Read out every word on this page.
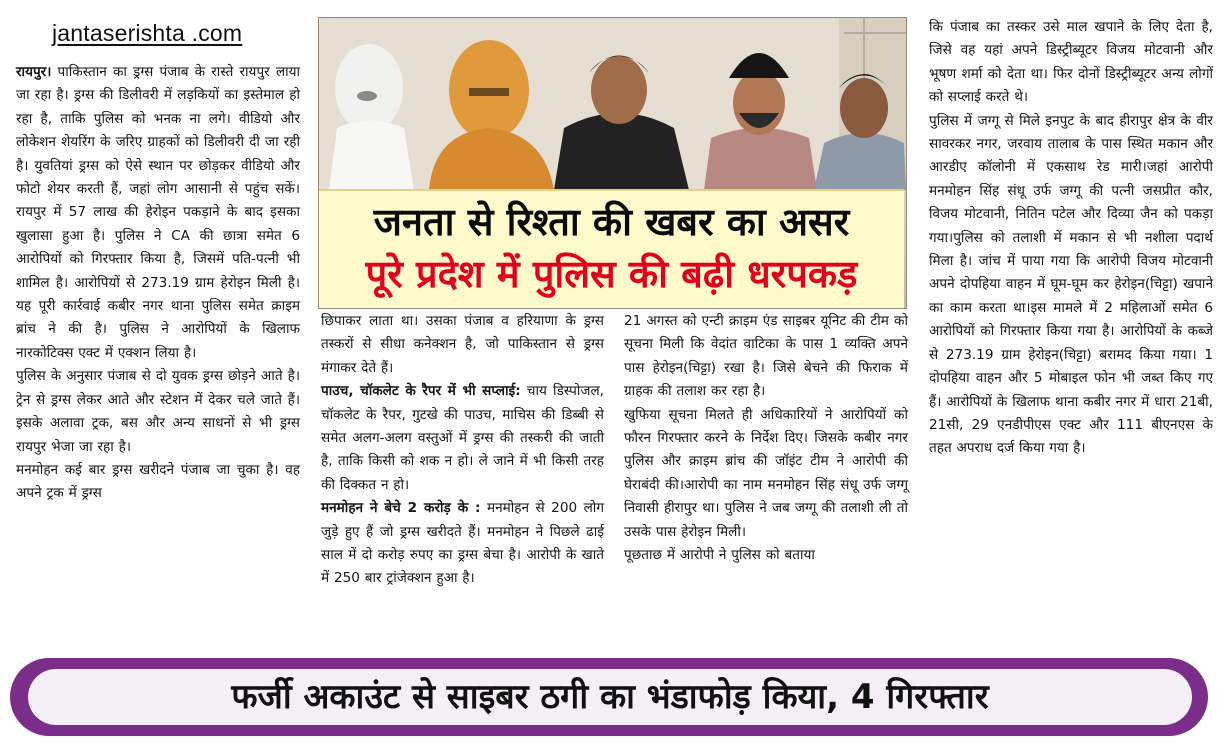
jantaserishta .com
रायपुर। पाकिस्तान का ड्रग्स पंजाब के रास्ते रायपुर लाया जा रहा है। ड्रग्स की डिलीवरी में लड़कियों का इस्तेमाल हो रहा है, ताकि पुलिस को भनक ना लगे। वीडियो और लोकेशन शेयरिंग के जरिए ग्राहकों को डिलीवरी दी जा रही है। युवतियां ड्रग्स को ऐसे स्थान पर छोड़कर वीडियो और फोटो शेयर करती हैं, जहां लोग आसानी से पहुंच सकें। रायपुर में 57 लाख की हेरोइन पकड़ाने के बाद इसका खुलासा हुआ है। पुलिस ने CA की छात्रा समेत 6 आरोपियों को गिरफ्तार किया है, जिसमें पति-पत्नी भी शामिल है। आरोपियों से 273.19 ग्राम हेरोइन मिली है। यह पूरी कार्रवाई कबीर नगर थाना पुलिस समेत क्राइम ब्रांच ने की है। पुलिस ने आरोपियों के खिलाफ नारकोटिक्स एक्ट में एक्शन लिया है।
पुलिस के अनुसार पंजाब से दो युवक ड्रग्स छोड़ने आते है। ट्रेन से ड्रग्स लेकर आते और स्टेशन में देकर चले जाते हैं। इसके अलावा ट्रक, बस और अन्य साधनों से भी ड्रग्स रायपुर भेजा जा रहा है।
मनमोहन कई बार ड्रग्स खरीदने पंजाब जा चुका है। वह अपने ट्रक में ड्रग्स
जनता से रिश्ता की खबर का असर
पूरे प्रदेश में पुलिस की बढ़ी धरपकड़
छिपाकर लाता था। उसका पंजाब व हरियाणा के ड्रग्स तस्करों से सीधा कनेक्शन है, जो पाकिस्तान से ड्रग्स मंगाकर देते हैं।
पाउच, चॉकलेट के रैपर में भी सप्लाई: चाय डिस्पोजल, चॉकलेट के रैपर, गुटखे की पाउच, माचिस की डिब्बी से समेत अलग-अलग वस्तुओं में ड्रग्स की तस्करी की जाती है, ताकि किसी को शक न हो। ले जाने में भी किसी तरह की दिक्कत न हो।
मनमोहन ने बेचे 2 करोड़ के : मनमोहन से 200 लोग जुड़े हुए हैं जो ड्रग्स खरीदते हैं। मनमोहन ने पिछले ढाई साल में दो करोड़ रुपए का ड्रग्स बेचा है। आरोपी के खाते में 250 बार ट्रांजेक्शन हुआ है।
21 अगस्त को एन्टी क्राइम एंड साइबर यूनिट की टीम को सूचना मिली कि वेदांत वाटिका के पास 1 व्यक्ति अपने पास हेरोइन(चिट्टा) रखा है। जिसे बेचने की फिराक में ग्राहक की तलाश कर रहा है।
खुफिया सूचना मिलते ही अधिकारियों ने आरोपियों को फौरन गिरफ्तार करने के निर्देश दिए। जिसके कबीर नगर पुलिस और क्राइम ब्रांच की जॉइंट टीम ने आरोपी की घेराबंदी की।आरोपी का नाम मनमोहन सिंह संधू उर्फ जग्गू निवासी हीरापुर था। पुलिस ने जब जग्गू की तलाशी ली तो उसके पास हेरोइन मिली।
पूछताछ में आरोपी ने पुलिस को बताया
कि पंजाब का तस्कर उसे माल खपाने के लिए देता है, जिसे वह यहां अपने डिस्ट्रीब्यूटर विजय मोटवानी और भूषण शर्मा को देता था। फिर दोनों डिस्ट्रीब्यूटर अन्य लोगों को सप्लाई करते थे।
पुलिस में जग्गू से मिले इनपुट के बाद हीरापुर क्षेत्र के वीर सावरकर नगर, जरवाय तालाब के पास स्थित मकान और आरडीए कॉलोनी में एकसाथ रेड मारी।जहां आरोपी मनमोहन सिंह संधू उर्फ जग्गू की पत्नी जसप्रीत कौर, विजय मोटवानी, नितिन पटेल और दिव्या जैन को पकड़ा गया।पुलिस को तलाशी में मकान से भी नशीला पदार्थ मिला है। जांच में पाया गया कि आरोपी विजय मोटवानी अपने दोपहिया वाहन में घूम-घूम कर हेरोइन(चिट्टा) खपाने का काम करता था।इस मामले में 2 महिलाओं समेत 6 आरोपियों को गिरफ्तार किया गया है। आरोपियों के कब्जे से 273.19 ग्राम हेरोइन(चिट्टा) बरामद किया गया। 1 दोपहिया वाहन और 5 मोबाइल फोन भी जब्त किए गए हैं। आरोपियों के खिलाफ थाना कबीर नगर में धारा 21बी, 21सी, 29 एनडीपीएस एक्ट और 111 बीएनएस के तहत अपराध दर्ज किया गया है।
फर्जी अकाउंट से साइबर ठगी का भंडाफोड़ किया, 4 गिरफ्तार
